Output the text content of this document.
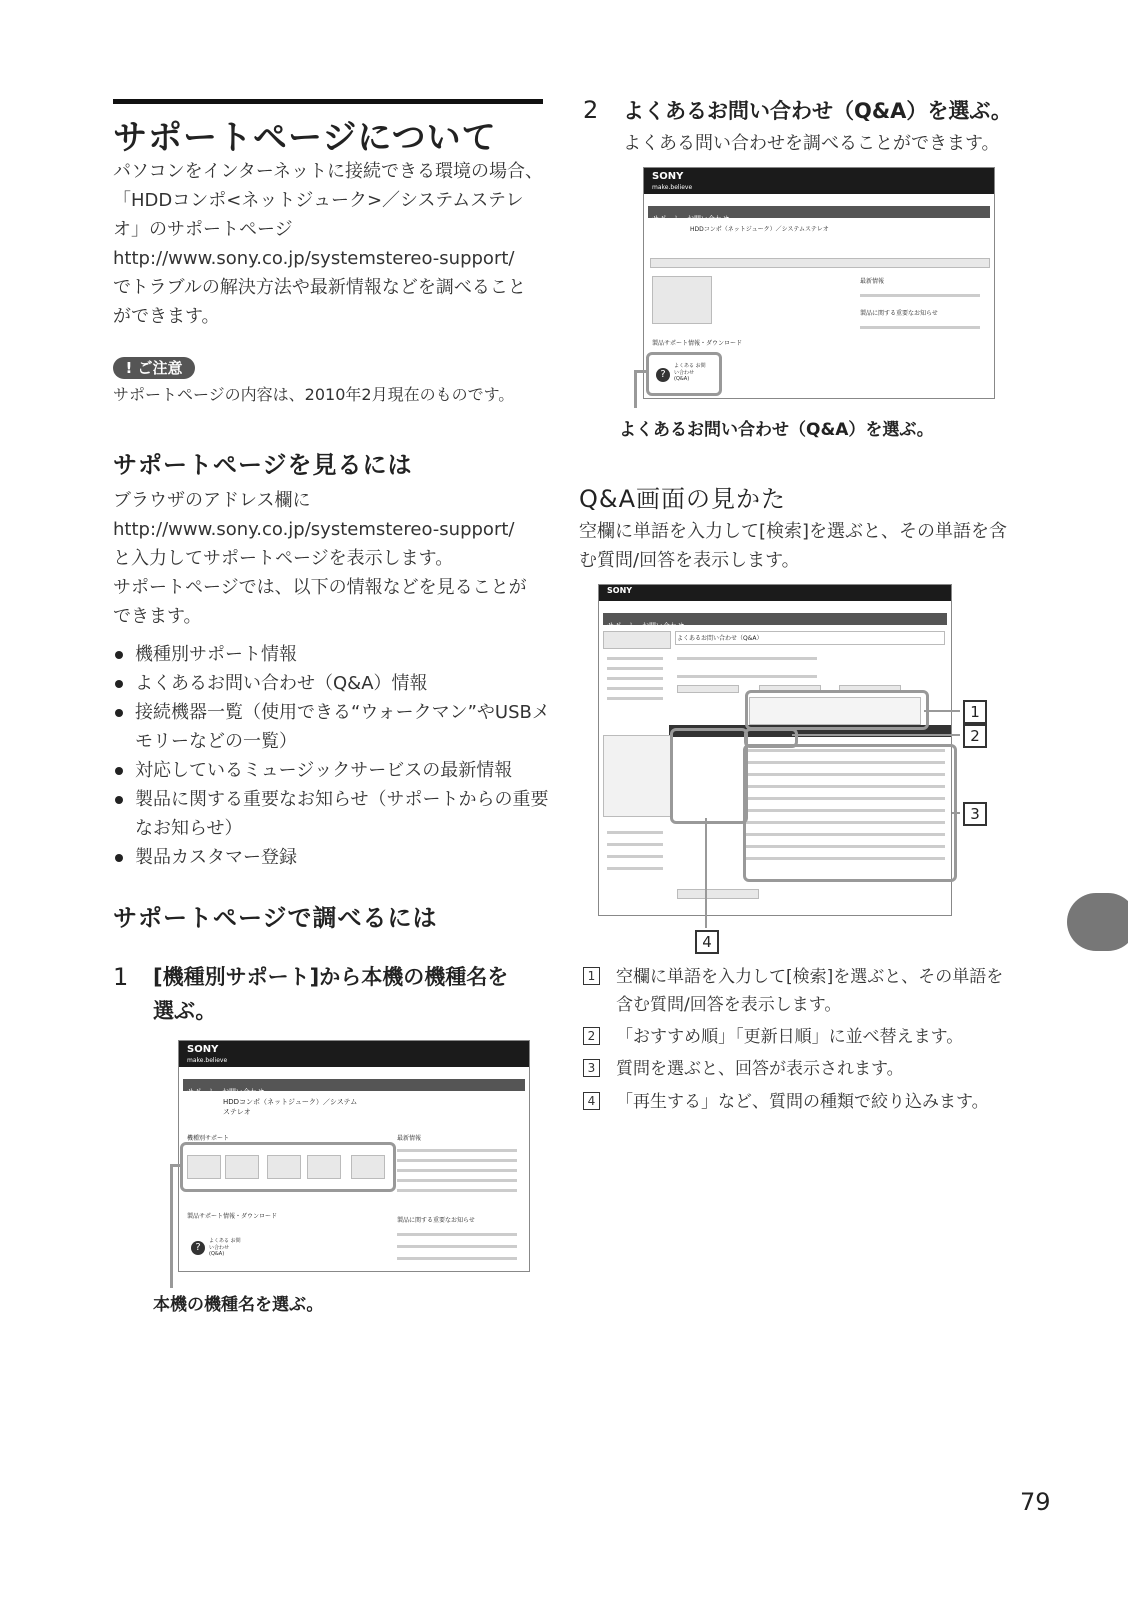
サポートページについて

パソコンをインターネットに接続できる環境の場合、

「HDDコンポ<ネットジューク>／システムステレ

オ」のサポートページ

http://www.sony.co.jp/systemstereo-support/

でトラブルの解決方法や最新情報などを調べること

ができます。

! ご注意

サポートページの内容は、2010年2月現在のものです。

サポートページを見るには

ブラウザのアドレス欄に

http://www.sony.co.jp/systemstereo-support/

と入力してサポートページを表示します。

サポートページでは、以下の情報などを見ることが

できます。

機種別サポート情報
よくあるお問い合わせ（Q&A）情報
接続機器一覧（使用できる“ウォークマン”やUSBメモリーなどの一覧）
対応しているミュージックサービスの最新情報
製品に関する重要なお知らせ（サポートからの重要なお知らせ）
製品カスタマー登録
サポートページで調べるには
1 [機種別サポート]から本機の機種名を

選ぶ。

SONY
make.believe
サポート・お問い合わせ
HDDコンポ（ネットジューク）／システムステレオ
機種別サポート	最新情報
製品サポート情報・ダウンロード
製品に関する重要なお知らせ
?
よくある お問い合わせ (Q&A)

本機の機種名を選ぶ。

2 よくあるお問い合わせ（Q&A）を選ぶ。

よくある問い合わせを調べることができます。

SONY
make.believe
サポート・お問い合わせ
HDDコンポ（ネットジューク）／システムステレオ
最新情報
製品に関する重要なお知らせ
製品サポート情報・ダウンロード
?
よくある お問い合わせ (Q&A)

よくあるお問い合わせ（Q&A）を選ぶ。

Q&A画面の見かた

空欄に単語を入力して[検索]を選ぶと、その単語を含

む質問/回答を表示します。

SONY
サポート・お問い合わせ
よくあるお問い合わせ（Q&A）
1
2
3
4
1	空欄に単語を入力して[検索]を選ぶと、その単語を含む質問/回答を表示します。
2	「おすすめ順」「更新日順」に並べ替えます。
3	質問を選ぶと、回答が表示されます。
4	「再生する」など、質問の種類で絞り込みます。
79
